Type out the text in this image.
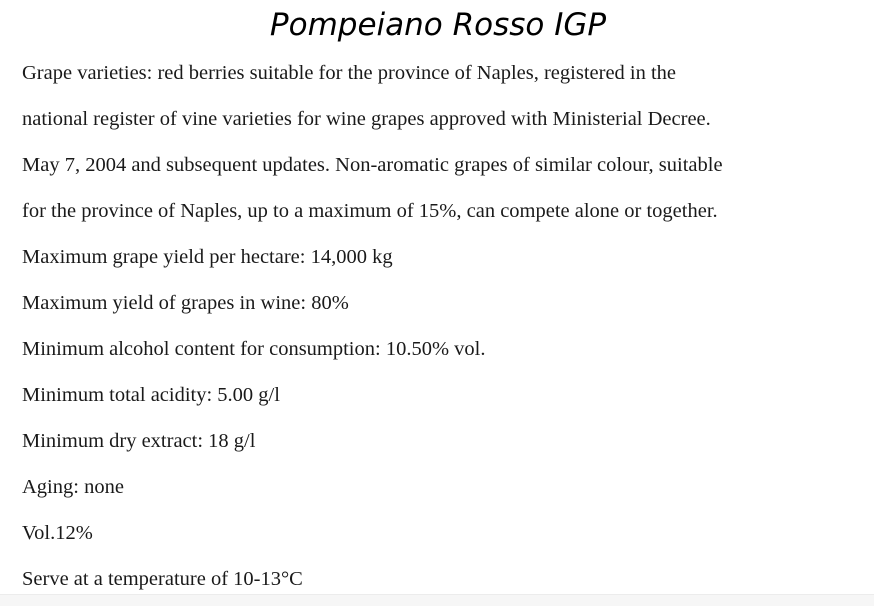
Pompeiano Rosso IGP

Grape varieties: red berries suitable for the province of Naples, registered in the

national register of vine varieties for wine grapes approved with Ministerial Decree.

May 7, 2004 and subsequent updates. Non-aromatic grapes of similar colour, suitable

for the province of Naples, up to a maximum of 15%, can compete alone or together.

Maximum grape yield per hectare: 14,000 kg

Maximum yield of grapes in wine: 80%

Minimum alcohol content for consumption: 10.50% vol.

Minimum total acidity: 5.00 g/l

Minimum dry extract: 18 g/l

Aging: none

Vol.12%

Serve at a temperature of 10-13°C
